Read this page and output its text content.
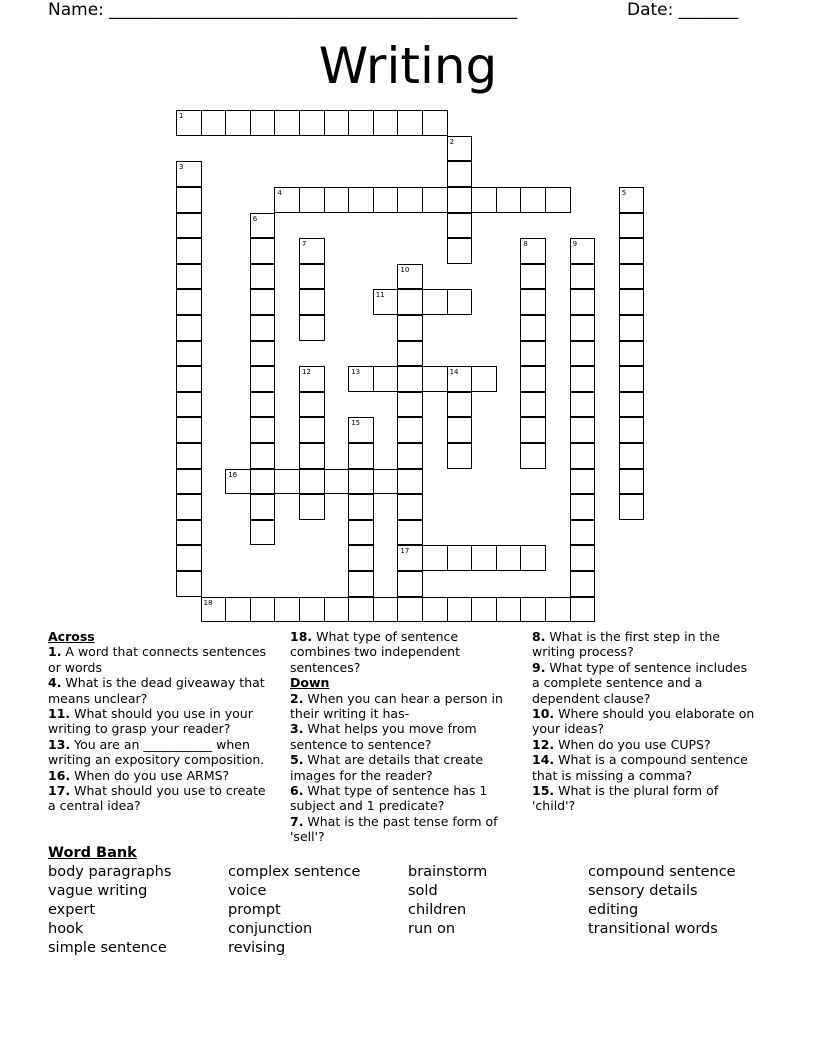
Name: ________________________________________________	Date: _______
Writing
1
2
3
4	5
6
7	8	9
10
11
12	13	14
15
16
17
18
Across
1. A word that connects sentences or words
4. What is the dead giveaway that means unclear?
11. What should you use in your writing to grasp your reader?
13. You are an ___________ when writing an expository composition.
16. When do you use ARMS?
17. What should you use to create a central idea?
18. What type of sentence combines two independent sentences?
Down
2. When you can hear a person in their writing it has-
3. What helps you move from sentence to sentence?
5. What are details that create images for the reader?
6. What type of sentence has 1 subject and 1 predicate?
7. What is the past tense form of 'sell'?
8. What is the first step in the writing process?
9. What type of sentence includes a complete sentence and a dependent clause?
10. Where should you elaborate on your ideas?
12. When do you use CUPS?
14. What is a compound sentence that is missing a comma?
15. What is the plural form of 'child'?
Word Bank
body paragraphs
vague writing
expert
hook
simple sentence
complex sentence
voice
prompt
conjunction
revising
brainstorm
sold
children
run on
compound sentence
sensory details
editing
transitional words
